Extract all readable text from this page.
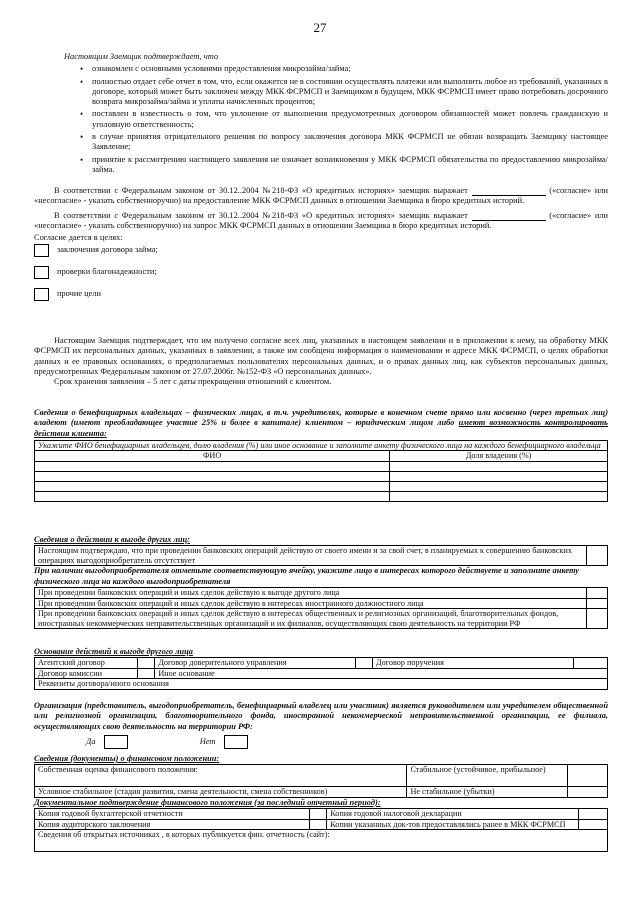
27
Настоящим Заемщик подтверждает, что
• ознакомлен с основными условиями предоставления микрозайма/займа;
• полностью отдает себе отчет в том, что, если окажется не в состоянии осуществлять платежи или выполнить любое из требований, указанных в договоре, который может быть заключен между МКК ФСРМСП и Заемщиком в будущем, МКК ФСРМСП имеет право потребовать досрочного возврата микрозайма/займа и уплаты начисленных процентов;
• поставлен в известность о том, что уклонение от выполнения предусмотренных договором обязанностей может повлечь гражданскую и уголовную ответственность;
• в случае принятия отрицательного решения по вопросу заключения договора МКК ФСРМСП не обязан возвращать Заемщику настоящее Заявление;
• принятие к рассмотрению настоящего заявления не означает возникновения у МКК ФСРМСП обязательства по предоставлению микрозайма/займа.
В соответствии с Федеральным законом от 30.12..2004 №218-ФЗ «О кредитных историях» заемщик выражает	(«согласие» или «несогласие» - указать собственноручно) на предоставление МКК ФСРМСП данных в отношении Заемщика в бюро кредитных историй.
В соответствии с Федеральным законом от 30.12..2004 №218-ФЗ «О кредитных историях» заемщик выражает	(«согласие» или «несогласие» - указать собственноручно) на запрос МКК ФСРМСП данных в отношении Заемщика в бюро кредитных историй.
Согласие дается в целях:
заключения договора займа;
проверки благонадежности;
прочие цели
Настоящим Заемщик подтверждает, что им получено согласие всех лиц, указанных в настоящем заявлении и в приложении к нему, на обработку МКК ФСРМСП их персональных данных, указанных в заявлении, а также им сообщена информация о наименовании и адресе МКК ФСРМСП, о целях обработки данных и ее правовых основаниях, о предполагаемых пользователях персональных данных, и о правах данных лиц, как субъектов персональных данных, предусмотренных Федеральным законом от 27.07.2006г. №152-ФЗ «О персональных данных».
Срок хранения заявления – 5 лет с даты прекращения отношений с клиентом.
Сведения о бенефициарных владельцах – физических лицах, в т.ч. учредителях, которые в конечном счете прямо или косвенно (через третьих лиц) владеют (имеют преобладающее участие 25% и более в капитале) клиентом – юридическим лицом либо имеют возможность контролировать действия клиента:
Укажите ФИО бенефициарных владельцев, долю владения (%) или иное основание и заполните анкету физического лица на каждого бенефициарного владельца	
ФИО	Доля владения (%)

Сведения о действии к выгоде других лиц:
Настоящим подтверждаю, что при проведении банковских операций действую от своего имени и за свой счет, в планируемых к совершению банковских операциях выгодоприобретатель отсутствует	
При наличии выгодоприобретателя отметьте соответствующую ячейку, укажите лицо в интересах которого действуете и заполните анкету физического лица на каждого выгодоприобретателя
При проведении банковских операций и иных сделок действую к выгоде другого лица	
При проведении банковских операций и иных сделок действую в интересах иностранного должностного лица	
При проведении банковских операций и иных сделок действую в интересах общественных и религиозных организаций, благотворительных фондов, иностранных некоммерческих неправительственных организаций и их филиалов, осуществляющих свою деятельность на территории РФ	
Основание действий к выгоде другого лица
Агентский договор		Договор доверительного управления		Договор поручения	
Договор комиссии		Иное основание			
Реквизиты договора/иного основания					
Организация (представитель, выгодоприобретатель, бенефициарный владелец или участник) является руководителем или учредителем общественной или религиозной организации, благотворительного фонда, иностранной некоммерческой неправительственной организации, ее филиала, осуществляющих свою деятельность на территории РФ:
Да	Нет
Сведения (документы) о финансовом положении:
Собственная оценка финансового положения:	Стабильное (устойчивое, прибыльное)	
Условное стабильное (стадия развития, смена деятельности, смена собственников)	Не стабильное (убытки)	
Документальное подтверждение финансового положения (за последний отчетный период):
Копия годовой бухгалтерской отчетности		Копия годовой налоговой декларации	
Копия аудиторского заключения		Копии указанных док-тов предоставлялись ранее в МКК ФСРМСП	
Сведения об открытых источниках , в которых публикуется фин. отчетность (сайт):			
